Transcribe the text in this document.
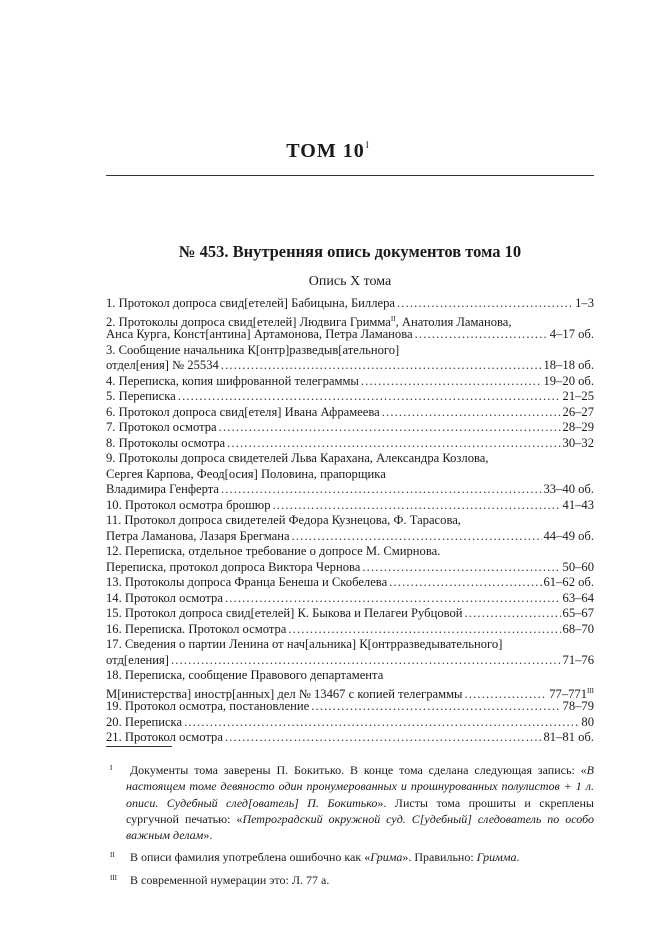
ТОМ $10^I$
№ 453. Внутренняя опись документов тома 10
Опись X тома
1. Протокол допроса свид[етелей] Бабицына, Биллера . . .	1–3
2. Протоколы допроса свид[етелей] Людвига Гримма$^{II}$, Анатолия Ламанова,
Анса Курга, Конст[антина] Артамонова, Петра Ламанова . . .	4–17 об.
3. Сообщение начальника К[онтр]разведыв[ательного]
отдел[ения] № 25534 . . .	18–18 об.
4. Переписка, копия шифрованной телеграммы . . .	19–20 об.
5. Переписка . . .	21–25
6. Протокол допроса свид[етеля] Ивана Афрамеева . . .	26–27
7. Протокол осмотра . . .	28–29
8. Протоколы осмотра . . .	30–32
9. Протоколы допроса свидетелей Льва Карахана, Александра Козлова,
Сергея Карпова, Феод[осия] Половина, прапорщика
Владимира Генферта . . .	33–40 об.
10. Протокол осмотра брошюр . . .	41–43
11. Протокол допроса свидетелей Федора Кузнецова, Ф. Тарасова,
Петра Ламанова, Лазаря Брегмана . . .	44–49 об.
12. Переписка, отдельное требование о допросе М. Смирнова.
Переписка, протокол допроса Виктора Чернова . . .	50–60
13. Протоколы допроса Франца Бенеша и Скобелева . . .	61–62 об.
14. Протокол осмотра . . .	63–64
15. Протокол допроса свид[етелей] К. Быкова и Пелагеи Рубцовой . . .	65–67
16. Переписка. Протокол осмотра . . .	68–70
17. Сведения о партии Ленина от нач[альника] К[онтрразведывательного]
отд[еления] . . .	71–76
18. Переписка, сообщение Правового департамента
М[инистерства] иностр[анных] дел № 13467 с копией телеграммы . . .	$77-771^{III}$
19. Протокол осмотра, постановление . . .	78–79
20. Переписка . . .	80
21. Протокол осмотра . . .	81–81 об.
I	Документы тома заверены П. Бокитько. В конце тома сделана следующая запись: «В настоящем томе девяносто один пронумерованных и прошнурованных полулистов + 1 л. описи. Судебный след[ователь] П. Бокитько». Листы тома прошиты и скреплены сургучной печатью: «Петроградский окружной суд. С[удебный] следователь по особо важным делам».
II	В описи фамилия употреблена ошибочно как «Грима». Правильно: Гримма.
III	В современной нумерации это: Л. 77 а.
